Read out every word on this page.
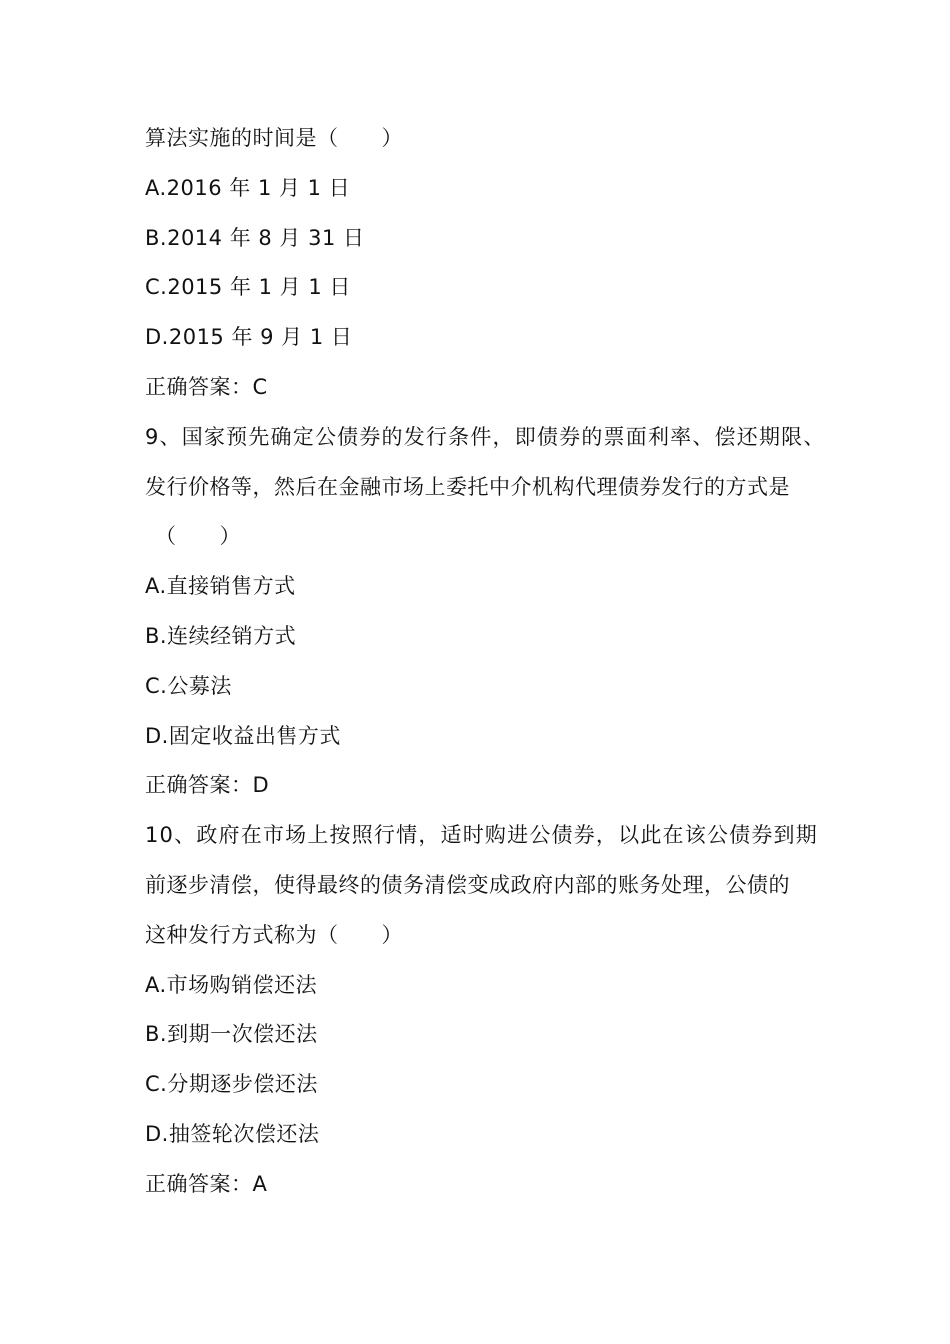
算法实施的时间是（　　）
A.2016 年 1 月 1 日
B.2014 年 8 月 31 日
C.2015 年 1 月 1 日
D.2015 年 9 月 1 日
正确答案：C
9、国家预先确定公债券的发行条件，即债券的票面利率、偿还期限、
发行价格等，然后在金融市场上委托中介机构代理债券发行的方式是
（　　）
A.直接销售方式
B.连续经销方式
C.公募法
D.固定收益出售方式
正确答案：D
10、政府在市场上按照行情，适时购进公债券，以此在该公债券到期
前逐步清偿，使得最终的债务清偿变成政府内部的账务处理，公债的
这种发行方式称为（　　）
A.市场购销偿还法
B.到期一次偿还法
C.分期逐步偿还法
D.抽签轮次偿还法
正确答案：A
